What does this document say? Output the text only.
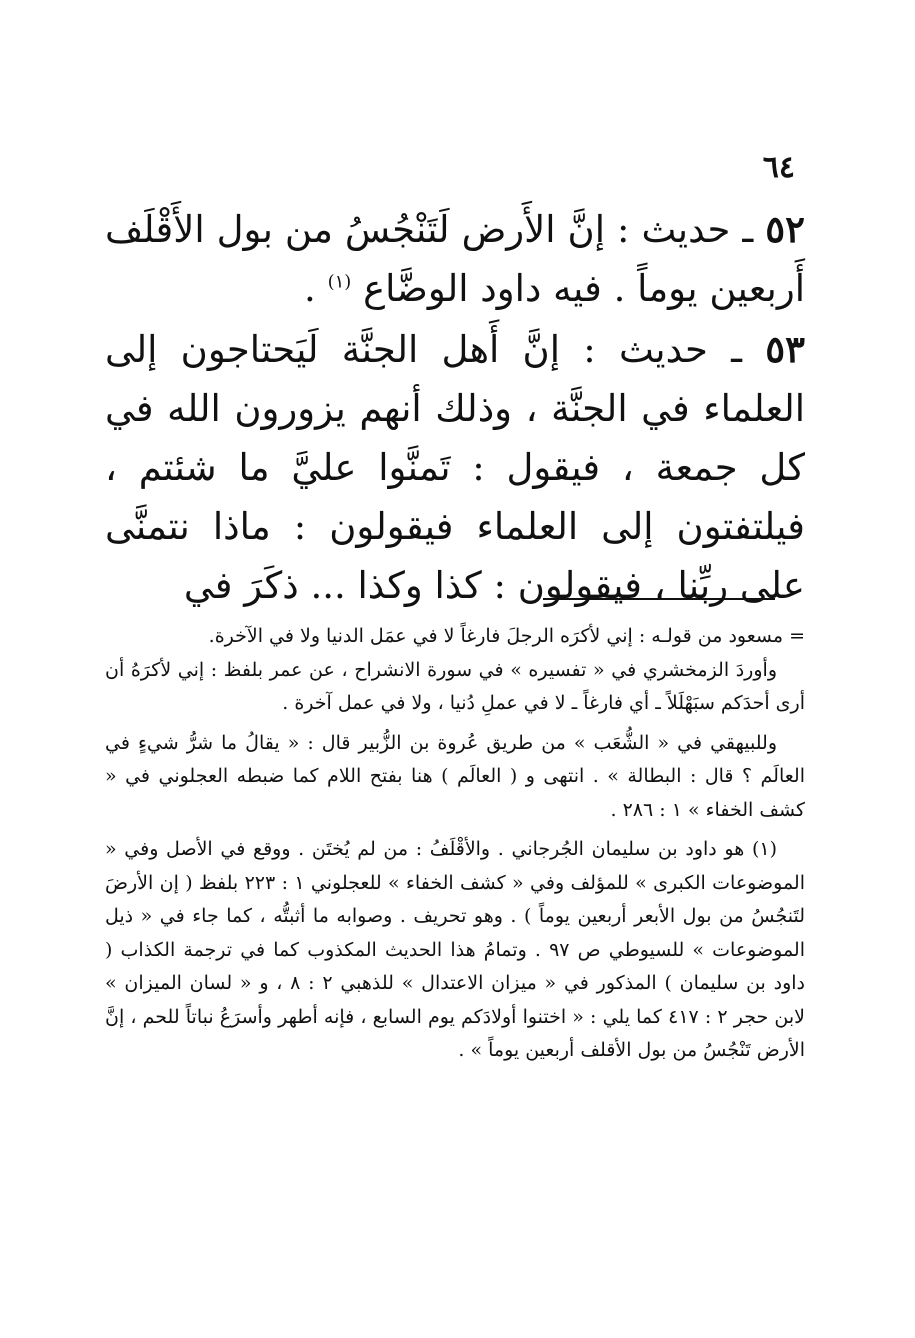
٦٤

٥٢ ـ حديث : إنَّ الأَرض لَتَنْجُسُ من بول الأَقْلَف أَربعين يوماً . فيه داود الوضَّاع $^{(١)}$ .

٥٣ ـ حديث : إنَّ أَهل الجنَّة لَيَحتاجون إلى العلماء في الجنَّة ، وذلك أنهم يزورون الله في كل جمعة ، فيقول : تَمنَّوا عليَّ ما شئتم ، فيلتفتون إلى العلماء فيقولون : ماذا نتمنَّى على ربِّنا ، فيقولون : كذا وكذا ... ذكَرَ في

= مسعود من قولـه : إني لأكرَه الرجلَ فارغاً لا في عمَل الدنيا ولا في الآخرة.

وأوردَ الزمخشري في « تفسيره » في سورة الانشراح ، عن عمر بلفظ : إني لأكرَهُ أن أرى أحدَكم سبَهْلَلاً ـ أي فارغاً ـ لا في عملِ دُنيا ، ولا في عمل آخرة .

وللبيهقي في « الشُّعَب » من طريق عُروة بن الزُّبير قال : « يقالُ ما شرُّ شيءٍ في العالَم ؟ قال : البطالة » . انتهى و ( العالَم ) هنا بفتح اللام كما ضبطه العجلوني في « كشف الخفاء » ١ : ٢٨٦ .

(١) هو داود بن سليمان الجُرجاني . والأقْلَفُ : من لم يُختَن . ووقع في الأصل وفي « الموضوعات الكبرى » للمؤلف وفي « كشف الخفاء » للعجلوني ١ : ٢٢٣ بلفظ ( إن الأرضَ لتَنجُسُ من بول الأبعر أربعين يوماً ) . وهو تحريف . وصوابه ما أثبتُّه ، كما جاء في « ذيل الموضوعات » للسيوطي ص ٩٧ . وتمامُ هذا الحديث المكذوب كما في ترجمة الكذاب ( داود بن سليمان ) المذكور في « ميزان الاعتدال » للذهبي ٢ : ٨ ، و « لسان الميزان » لابن حجر ٢ : ٤١٧ كما يلي : « اختنوا أولادَكم يوم السابع ، فإنه أطهر وأسرَعُ نباتاً للحم ، إنَّ الأرض تَنْجُسُ من بول الأقلف أربعين يوماً » .
